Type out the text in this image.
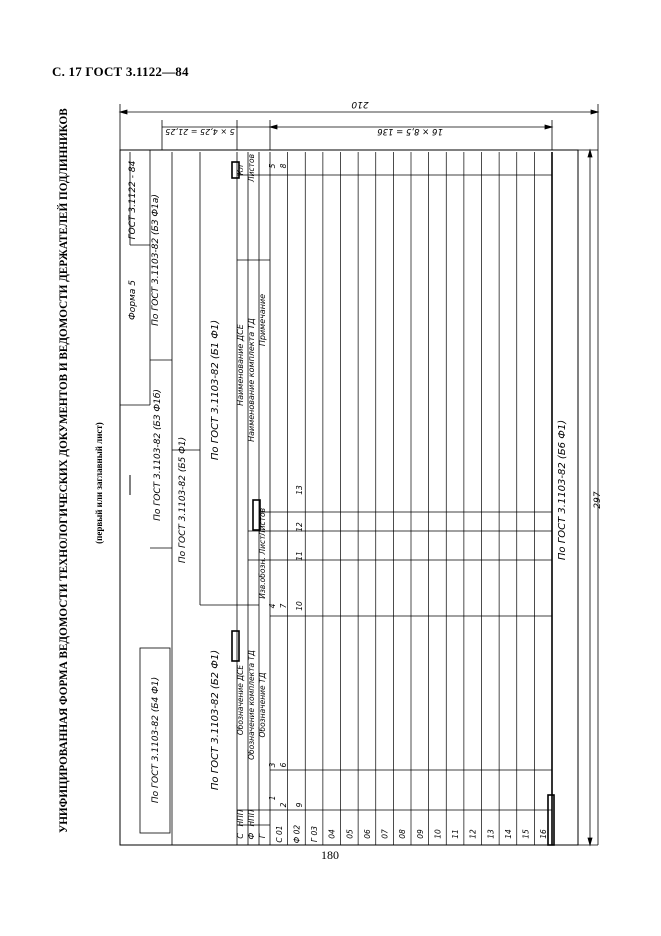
С. 17 ГОСТ 3.1122—84
УНИФИЦИРОВАННАЯ ФОРМА ВЕДОМОСТИ ТЕХНОЛОГИЧЕСКИХ ДОКУМЕНТОВ И ВЕДОМОСТИ ДЕРЖАТЕЛЕЙ ПОДЛИННИКОВ	(первый или заглавный лист)
210
16 × 8,5 = 136
5 × 4,25 = 21,25
297
ГОСТ 3.1122 - 84
Форма 5 По ГОСТ 3.1103-82 (БЗ Ф1а)
По ГОСТ 3.1103-82 (БЗ Ф1б) По ГОСТ 3.1103-82 (Б5 Ф1)
По ГОСТ 3.1103-82 (Б1 Ф1)
По ГОСТ 3.1103-82 (Б2 Ф1)
По ГОСТ 3.1103-82 (Б4 Ф1)
По ГОСТ 3.1103-82 (Б6 Ф1)
С Ф Г
НПП НПП
Обозначение ДСЕ Обозначение комплекта ТД Обозначение ТД
Изв.обозн.
Лист
Листов
Наименование ДСЕ Наименование комплекта ТД Примечание
Кл Листов
С 01 Ф 02 Г 03 04 05 06 07 08 09 10 11 12 13 14 15 16
1
2
3
4
5
6
7
8
9
10
11
12
13
180
